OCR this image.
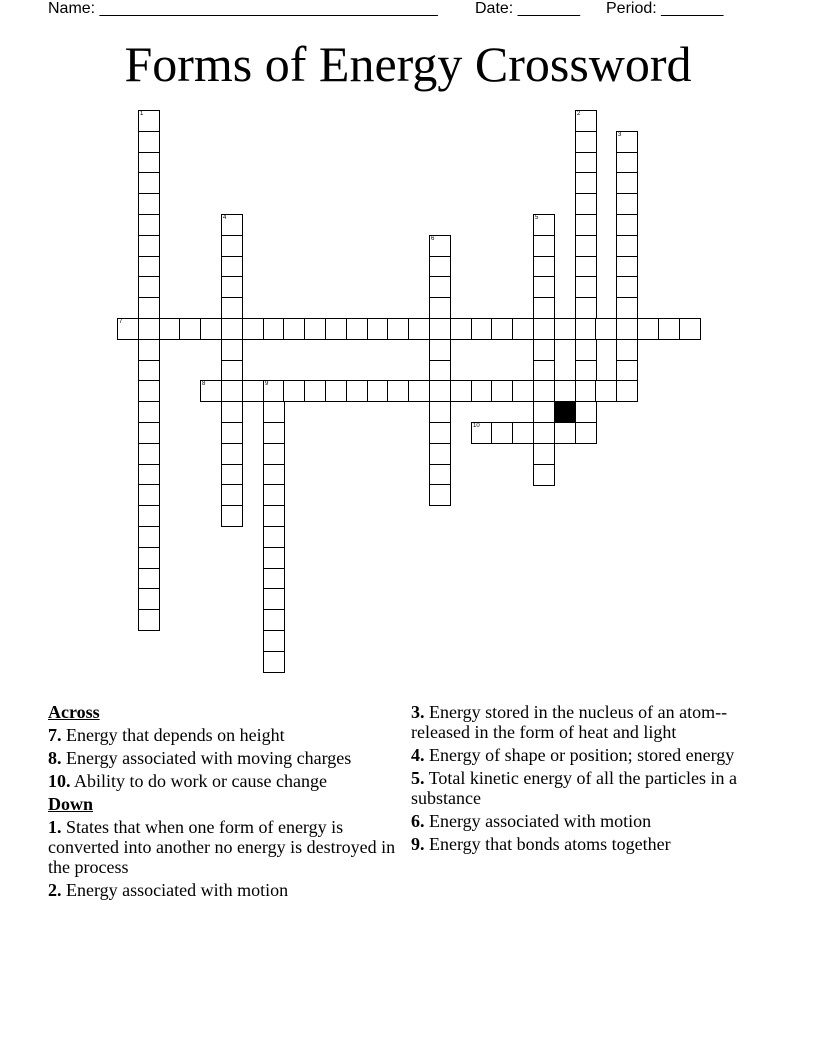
Name: ______________________________________ Date: _______ Period: _______
Forms of Energy Crossword
1	2
3
4	5
6
7
8	9
10
Across
7. Energy that depends on height
8. Energy associated with moving charges
10. Ability to do work or cause change
Down
1. States that when one form of energy is converted into another no energy is destroyed in the process
2. Energy associated with motion
3. Energy stored in the nucleus of an atom--released in the form of heat and light
4. Energy of shape or position; stored energy
5. Total kinetic energy of all the particles in a substance
6. Energy associated with motion
9. Energy that bonds atoms together
